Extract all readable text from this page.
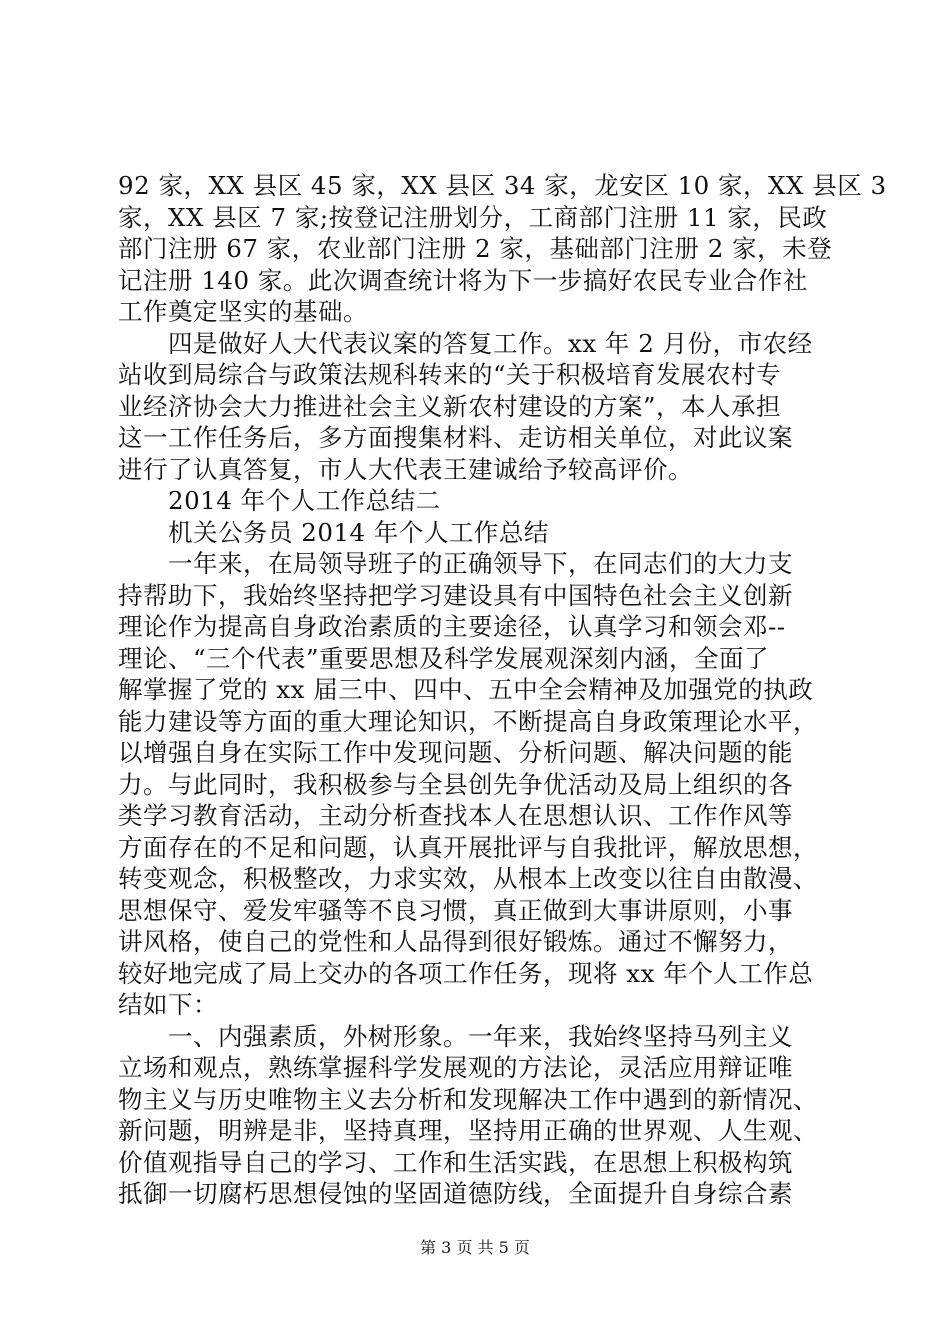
92 家，XX 县区 45 家，XX 县区 34 家，龙安区 10 家，XX 县区 3
家，XX 县区 7 家;按登记注册划分，工商部门注册 11 家，民政
部门注册 67 家，农业部门注册 2 家，基础部门注册 2 家，未登
记注册 140 家。此次调查统计将为下一步搞好农民专业合作社
工作奠定坚实的基础。
　　四是做好人大代表议案的答复工作。xx 年 2 月份，市农经
站收到局综合与政策法规科转来的“关于积极培育发展农村专
业经济协会大力推进社会主义新农村建设的方案”，本人承担
这一工作任务后，多方面搜集材料、走访相关单位，对此议案
进行了认真答复，市人大代表王建诚给予较高评价。
　　2014 年个人工作总结二
　　机关公务员 2014 年个人工作总结
　　一年来，在局领导班子的正确领导下，在同志们的大力支
持帮助下，我始终坚持把学习建设具有中国特色社会主义创新
理论作为提高自身政治素质的主要途径，认真学习和领会邓--
理论、“三个代表”重要思想及科学发展观深刻内涵，全面了
解掌握了党的 xx 届三中、四中、五中全会精神及加强党的执政
能力建设等方面的重大理论知识，不断提高自身政策理论水平，
以增强自身在实际工作中发现问题、分析问题、解决问题的能
力。与此同时，我积极参与全县创先争优活动及局上组织的各
类学习教育活动，主动分析查找本人在思想认识、工作作风等
方面存在的不足和问题，认真开展批评与自我批评，解放思想，
转变观念，积极整改，力求实效，从根本上改变以往自由散漫、
思想保守、爱发牢骚等不良习惯，真正做到大事讲原则，小事
讲风格，使自己的党性和人品得到很好锻炼。通过不懈努力，
较好地完成了局上交办的各项工作任务，现将 xx 年个人工作总
结如下：
　　一、内强素质，外树形象。一年来，我始终坚持马列主义
立场和观点，熟练掌握科学发展观的方法论，灵活应用辩证唯
物主义与历史唯物主义去分析和发现解决工作中遇到的新情况、
新问题，明辨是非，坚持真理，坚持用正确的世界观、人生观、
价值观指导自己的学习、工作和生活实践，在思想上积极构筑
抵御一切腐朽思想侵蚀的坚固道德防线，全面提升自身综合素
第 3 页 共 5 页
